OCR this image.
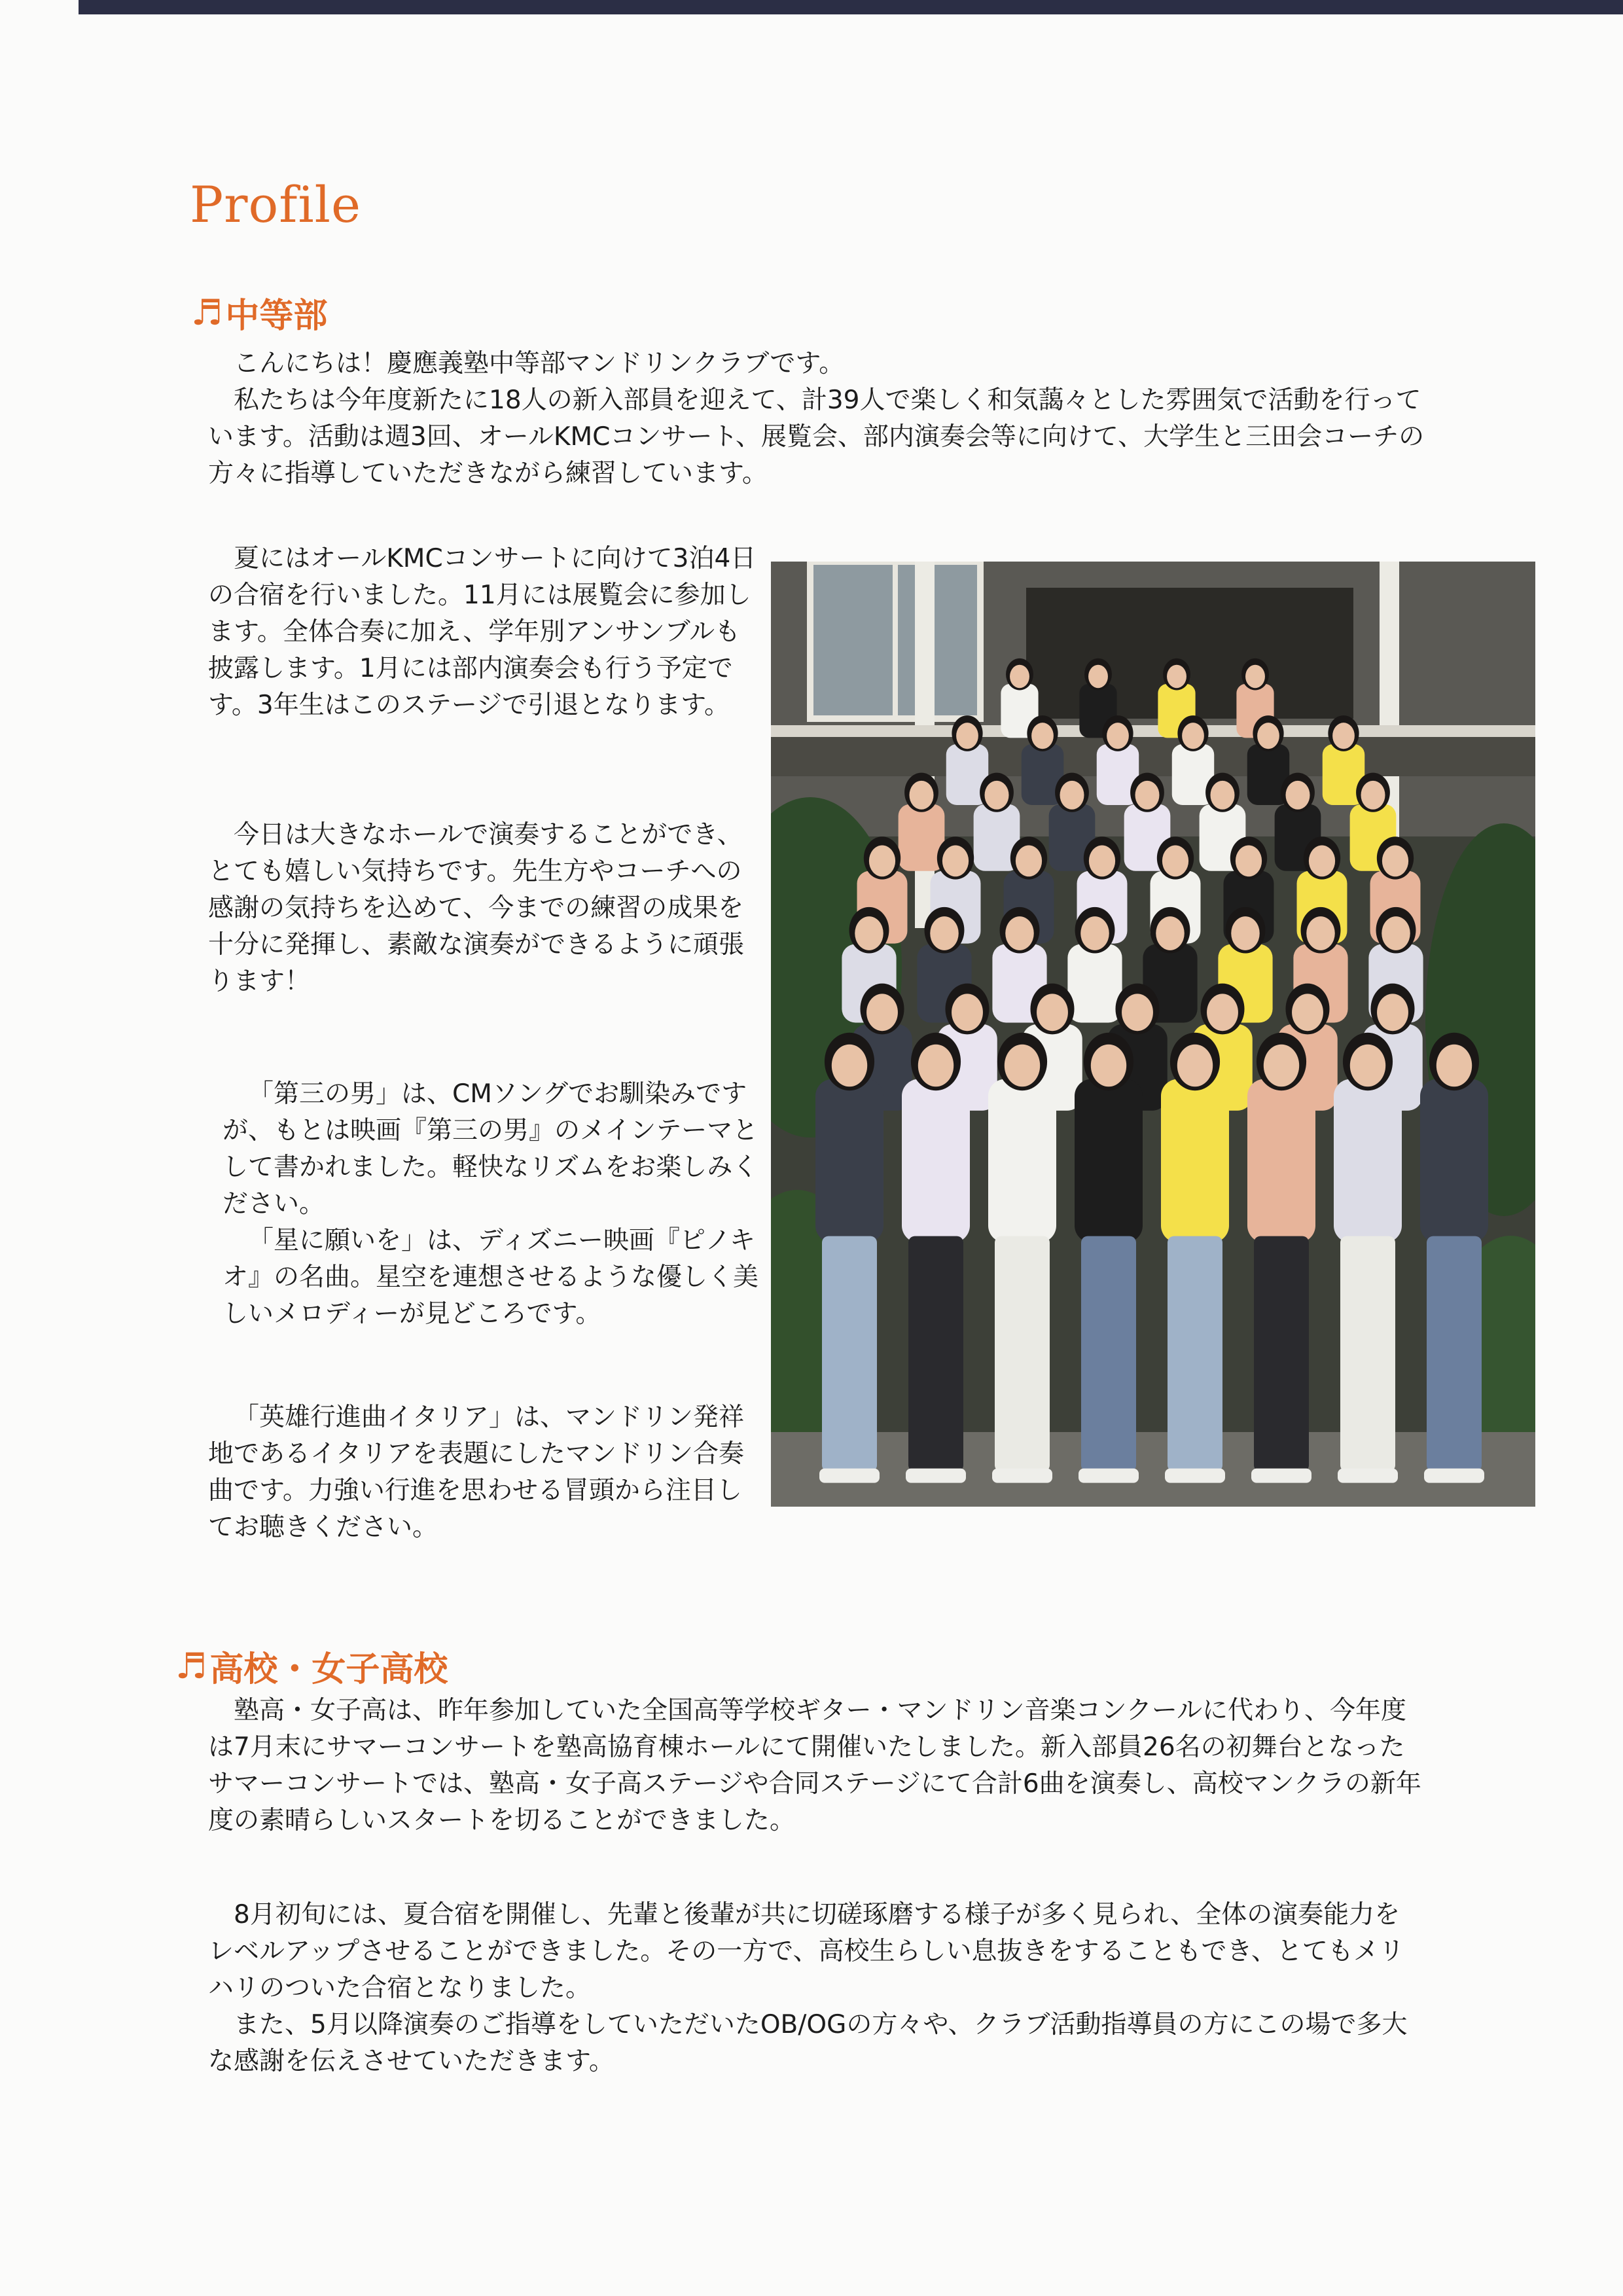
Profile
♬ 中等部

こんにちは！慶應義塾中等部マンドリンクラブです。

私たちは今年度新たに18人の新入部員を迎えて、計39人で楽しく和気藹々とした雰囲気で活動を行っています。活動は週3回、オールKMCコンサート、展覧会、部内演奏会等に向けて、大学生と三田会コーチの方々に指導していただきながら練習しています。

夏にはオールKMCコンサートに向けて3泊4日の合宿を行いました。11月には展覧会に参加します。全体合奏に加え、学年別アンサンブルも披露します。1月には部内演奏会も行う予定です。3年生はこのステージで引退となります。

今日は大きなホールで演奏することができ、とても嬉しい気持ちです。先生方やコーチへの感謝の気持ちを込めて、今までの練習の成果を十分に発揮し、素敵な演奏ができるように頑張ります！

「第三の男」は、CMソングでお馴染みですが、もとは映画『第三の男』のメインテーマとして書かれました。軽快なリズムをお楽しみください。

「星に願いを」は、ディズニー映画『ピノキオ』の名曲。星空を連想させるような優しく美しいメロディーが見どころです。

「英雄行進曲イタリア」は、マンドリン発祥地であるイタリアを表題にしたマンドリン合奏曲です。力強い行進を思わせる冒頭から注目してお聴きください。

♬ 高校・女子高校

塾高・女子高は、昨年参加していた全国高等学校ギター・マンドリン音楽コンクールに代わり、今年度は7月末にサマーコンサートを塾高協育棟ホールにて開催いたしました。新入部員26名の初舞台となったサマーコンサートでは、塾高・女子高ステージや合同ステージにて合計6曲を演奏し、高校マンクラの新年度の素晴らしいスタートを切ることができました。

8月初旬には、夏合宿を開催し、先輩と後輩が共に切磋琢磨する様子が多く見られ、全体の演奏能力をレベルアップさせることができました。その一方で、高校生らしい息抜きをすることもでき、とてもメリハリのついた合宿となりました。

また、5月以降演奏のご指導をしていただいたOB/OGの方々や、クラブ活動指導員の方にこの場で多大な感謝を伝えさせていただきます。
